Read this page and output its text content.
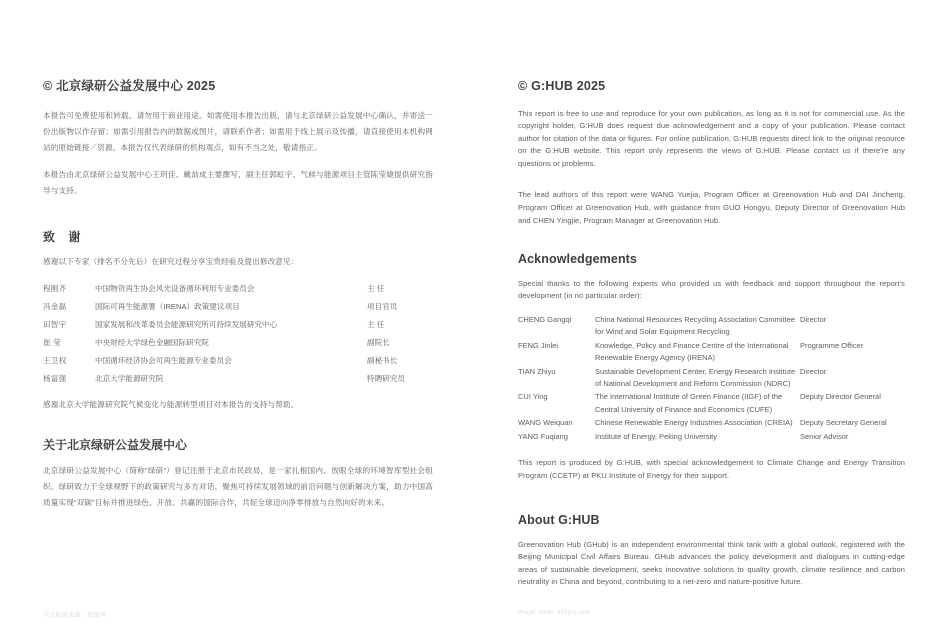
© 北京绿研公益发展中心 2025

本报告可免费使用和转载。请勿用于商业用途。如需使用本报告出版，请与北京绿研公益发展中心确认，并寄送一份出版物以作存留；如需引用报告内的数据或图片，请联系作者；如需用于线上展示及传播，请直接使用本机构网站的原始链接／资源。本报告仅代表绿研的机构观点，如有不当之处，敬请指正。

本报告由北京绿研公益发展中心王玥佳、戴劼成主要撰写，副主任郭虹宇、气候与能源项目主管陈莹婕提供研究指导与支持。

致 谢

感谢以下专家（排名不分先后）在研究过程分享宝贵经验及提出修改意见：

程刚齐	中国物资再生协会风光设备循环利用专业委员会	主 任
冯金磊	国际可再生能源署（IRENA）政策建议项目	项目官员
田智宇	国家发展和改革委员会能源研究所可持续发展研究中心	主 任
崔 莹	中央财经大学绿色金融国际研究院	副院长
王卫权	中国循环经济协会可再生能源专业委员会	副秘书长
杨富强	北京大学能源研究院	特聘研究员

感谢北京大学能源研究院气候变化与能源转型项目对本报告的支持与帮助。

关于北京绿研公益发展中心

北京绿研公益发展中心（简称“绿研”）登记注册于北京市民政局，是一家扎根国内、放眼全球的环境智库型社会组织。绿研致力于全球视野下的政策研究与多方对话，聚焦可持续发展领域的前沿问题与创新解决方案，助力中国高质量实现“双碳”目标并推进绿色、开放、共赢的国际合作，共促全球迈向净零排放与自然向好的未来。

© G:HUB 2025

This report is free to use and reproduce for your own publication, as long as it is not for commercial use. As the copyright holder, G:HUB does request due acknowledgement and a copy of your publication. Please contact author for citation of the data or figures. For online publication, G:HUB requests direct link to the original resource on the G:HUB website. This report only represents the views of G:HUB. Please contact us if there're any questions or problems.

The lead authors of this report were WANG Yuejia, Program Officer at Greenovation Hub and DAI Jincheng, Program Officer at Greenovation Hub, with guidance from GUO Hongyu, Deputy Director of Greenovation Hub and CHEN Yingjie, Program Manager at Greenovation Hub.

Acknowledgements

Special thanks to the following experts who provided us with feedback and support throughout the report's development (in no particular order):

CHENG Gangqi	China National Resources Recycling Association Committee for Wind and Solar Equipment Recycling	Director
FENG Jinlei	Knowledge, Policy and Finance Centre of the International Renewable Energy Agency (IRENA)	Programme Officer
TIAN Zhiyu	Sustainable Development Center, Energy Research Institute of National Development and Reform Commission (NDRC)	Director
CUI Ying	The International Institute of Green Finance (IIGF) of the Central University of Finance and Economics (CUFE)	Deputy Director General
WANG Weiquan	Chinese Renewable Energy Industries Association (CREIA)	Deputy Secretary General
YANG Fuqiang	Institute of Energy, Peking University	Senior Advisor

This report is produced by G:HUB, with special acknowledgement to Climate Change and Energy Transition Program (CCETP) at PKU Institute of Energy for their support.

About G:HUB

Greenovation Hub (GHub) is an independent environmental think tank with a global outlook, registered with the Beijing Municipal Civil Affairs Bureau. GHub advances the policy development and dialogues in cutting-edge areas of sustainable development, seeks innovative solutions to quality growth, climate resilience and carbon neutrality in China and beyond, contributing to a net-zero and nature-positive future.

全文配图来源：摄图网	Image credit: 699pic.com
